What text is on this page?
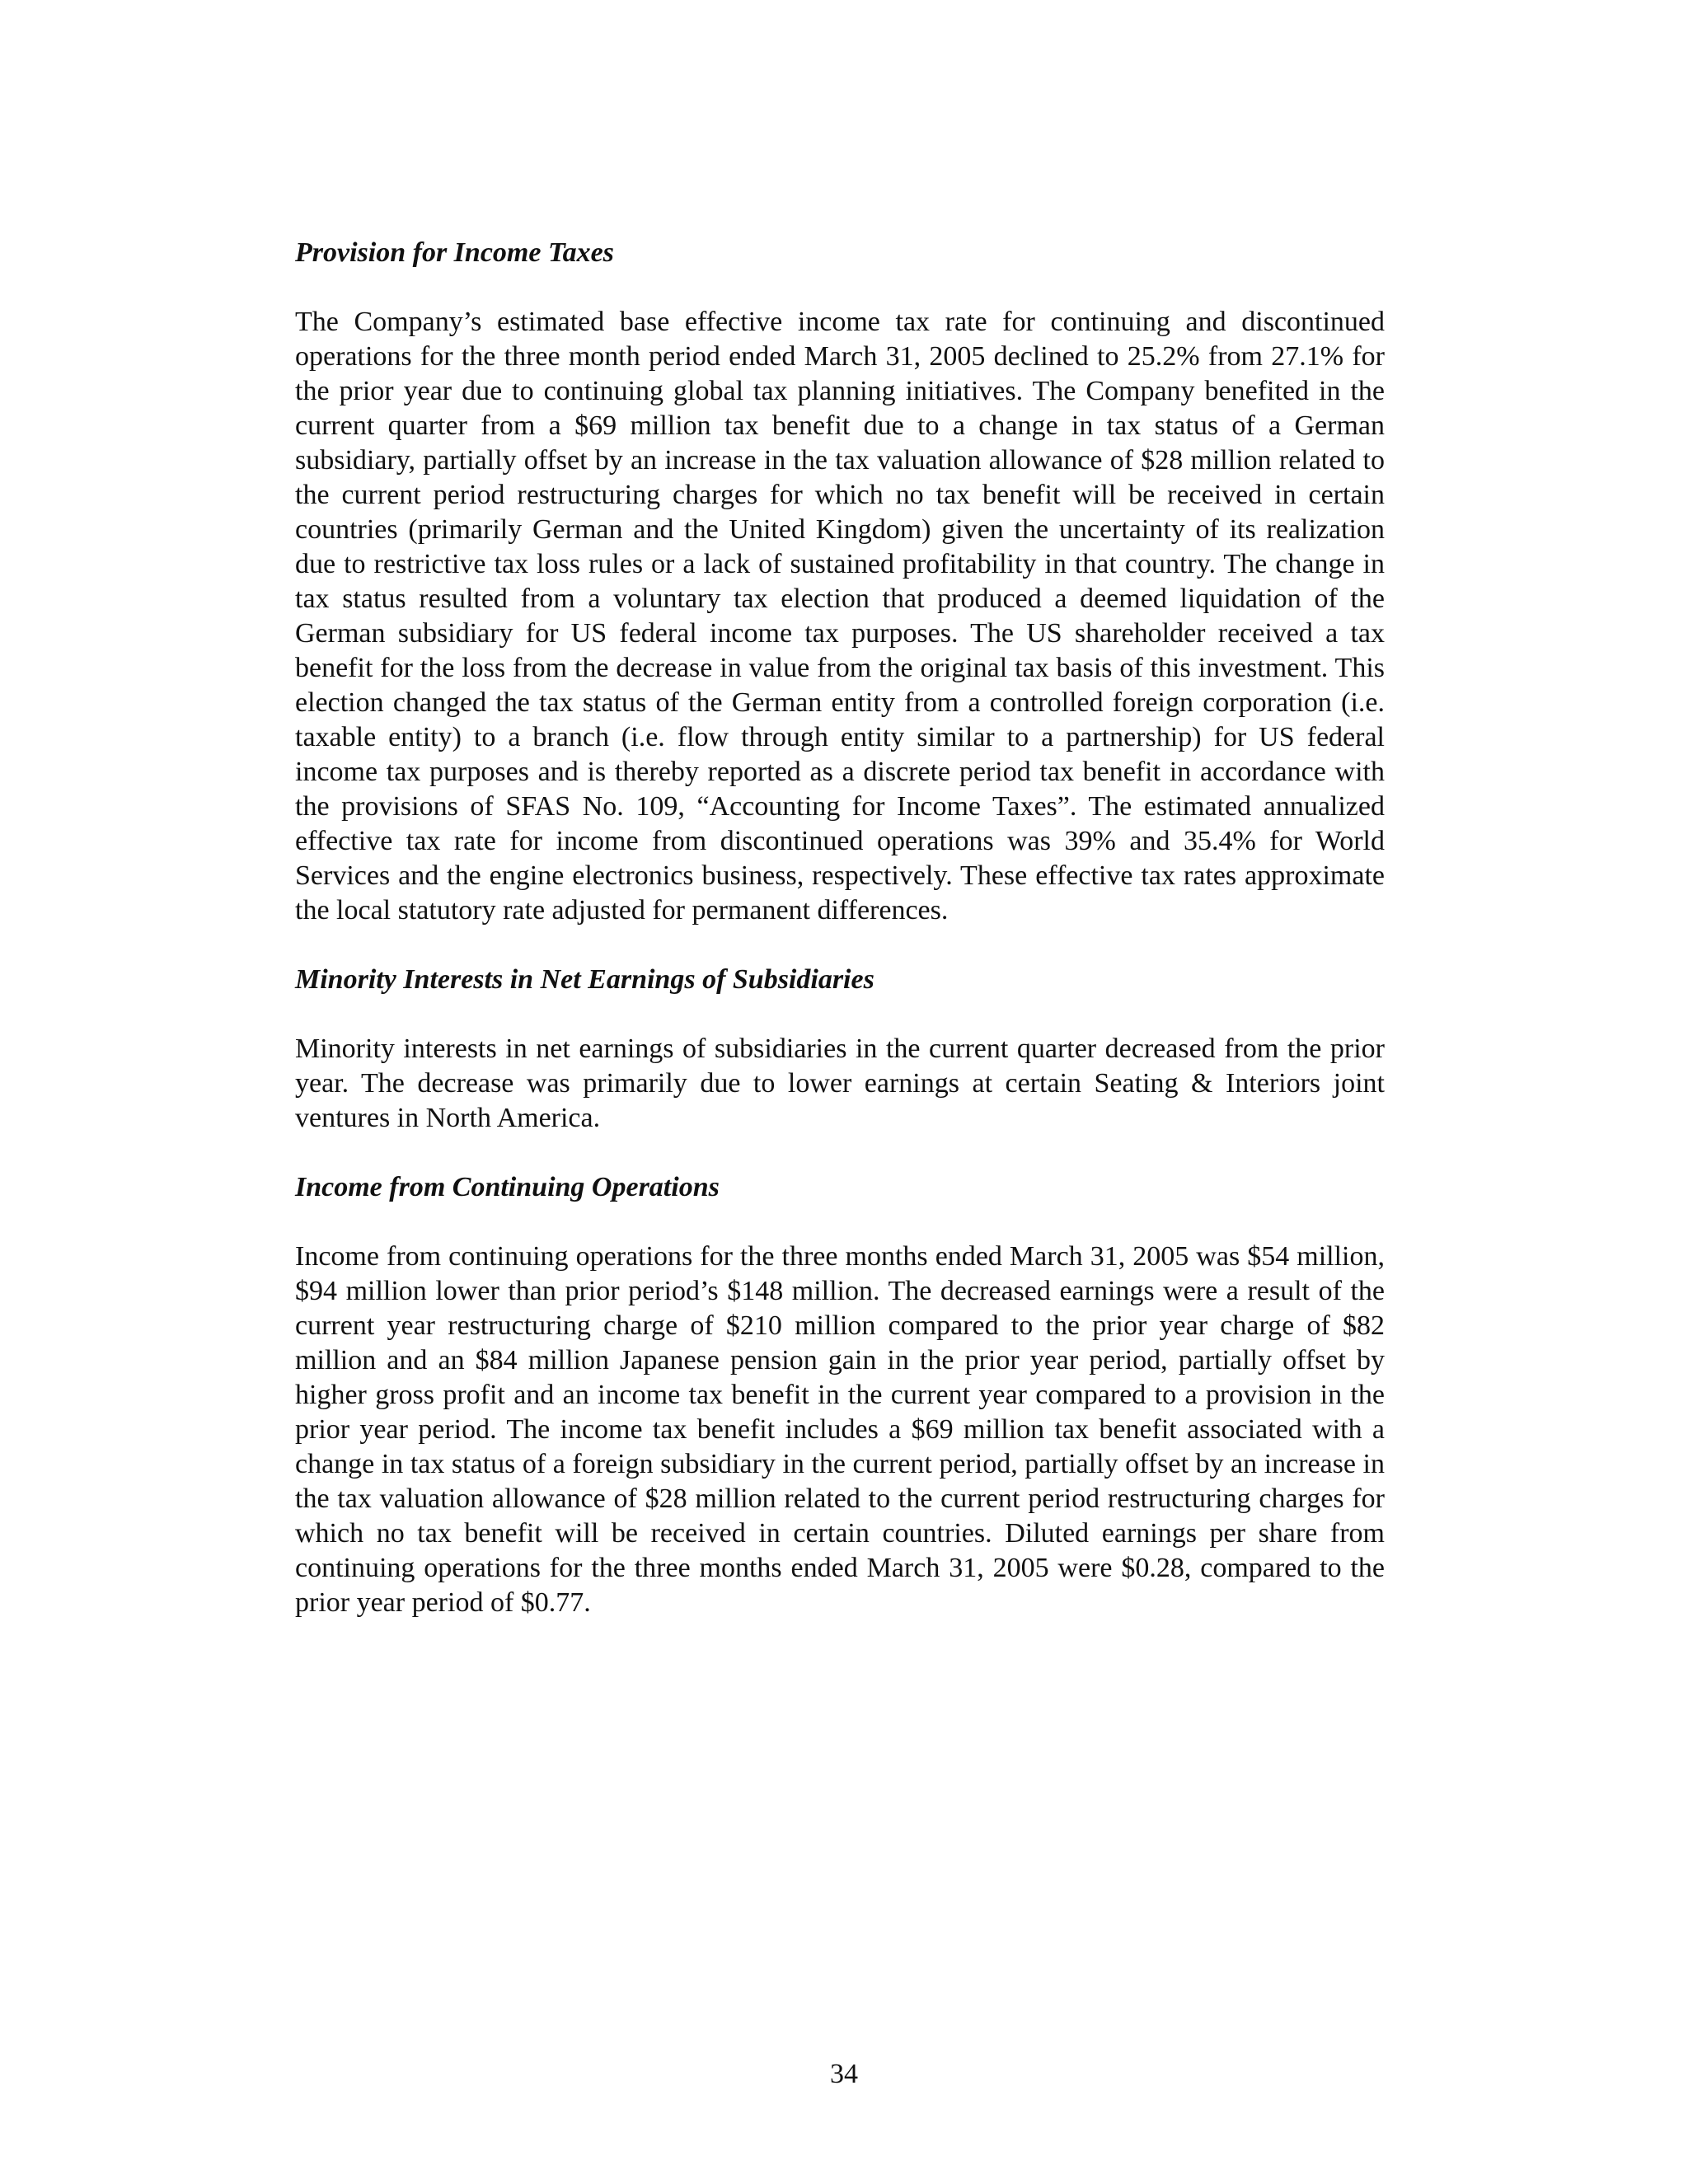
Provision for Income Taxes

The Company’s estimated base effective income tax rate for continuing and discontinued operations for the three month period ended March 31, 2005 declined to 25.2% from 27.1% for the prior year due to continuing global tax planning initiatives. The Company benefited in the current quarter from a $69 million tax benefit due to a change in tax status of a German subsidiary, partially offset by an increase in the tax valuation allowance of $28 million related to the current period restructuring charges for which no tax benefit will be received in certain countries (primarily German and the United Kingdom) given the uncertainty of its realization due to restrictive tax loss rules or a lack of sustained profitability in that country. The change in tax status resulted from a voluntary tax election that produced a deemed liquidation of the German subsidiary for US federal income tax purposes. The US shareholder received a tax benefit for the loss from the decrease in value from the original tax basis of this investment. This election changed the tax status of the German entity from a controlled foreign corporation (i.e. taxable entity) to a branch (i.e. flow through entity similar to a partnership) for US federal income tax purposes and is thereby reported as a discrete period tax benefit in accordance with the provisions of SFAS No. 109, “Accounting for Income Taxes”. The estimated annualized effective tax rate for income from discontinued operations was 39% and 35.4% for World Services and the engine electronics business, respectively. These effective tax rates approximate the local statutory rate adjusted for permanent differences.

Minority Interests in Net Earnings of Subsidiaries

Minority interests in net earnings of subsidiaries in the current quarter decreased from the prior year. The decrease was primarily due to lower earnings at certain Seating & Interiors joint ventures in North America.

Income from Continuing Operations

Income from continuing operations for the three months ended March 31, 2005 was $54 million, $94 million lower than prior period’s $148 million. The decreased earnings were a result of the current year restructuring charge of $210 million compared to the prior year charge of $82 million and an $84 million Japanese pension gain in the prior year period, partially offset by higher gross profit and an income tax benefit in the current year compared to a provision in the prior year period. The income tax benefit includes a $69 million tax benefit associated with a change in tax status of a foreign subsidiary in the current period, partially offset by an increase in the tax valuation allowance of $28 million related to the current period restructuring charges for which no tax benefit will be received in certain countries. Diluted earnings per share from continuing operations for the three months ended March 31, 2005 were $0.28, compared to the prior year period of $0.77.

34
